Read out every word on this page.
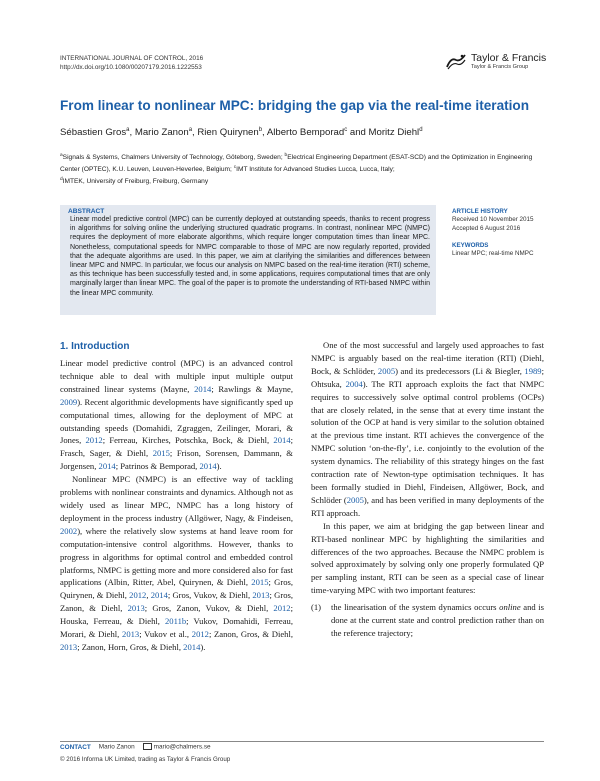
INTERNATIONAL JOURNAL OF CONTROL, 2016
http://dx.doi.org/10.1080/00207179.2016.1222553
Taylor & Francis
Taylor & Francis Group
From linear to nonlinear MPC: bridging the gap via the real-time iteration
Sébastien Gros$^a$, Mario Zanon$^a$, Rien Quirynen$^b$, Alberto Bemporad$^c$ and Moritz Diehl$^d$
$^a$Signals & Systems, Chalmers University of Technology, Göteborg, Sweden; $^b$Electrical Engineering Department (ESAT-SCD) and the Optimization in Engineering Center (OPTEC), K.U. Leuven, Leuven-Heverlee, Belgium; $^c$IMT Institute for Advanced Studies Lucca, Lucca, Italy;
$^d$IMTEK, University of Freiburg, Freiburg, Germany
ABSTRACT
Linear model predictive control (MPC) can be currently deployed at outstanding speeds, thanks to recent progress in algorithms for solving online the underlying structured quadratic programs. In contrast, nonlinear MPC (NMPC) requires the deployment of more elaborate algorithms, which require longer computation times than linear MPC. Nonetheless, computational speeds for NMPC comparable to those of MPC are now regularly reported, provided that the adequate algorithms are used. In this paper, we aim at clarifying the similarities and differences between linear MPC and NMPC. In particular, we focus our analysis on NMPC based on the real-time iteration (RTI) scheme, as this technique has been successfully tested and, in some applications, requires computational times that are only marginally larger than linear MPC. The goal of the paper is to promote the understanding of RTI-based NMPC within the linear MPC community.
ARTICLE HISTORY
Received 10 November 2015
Accepted 6 August 2016
KEYWORDS
Linear MPC; real-time NMPC
1. Introduction

Linear model predictive control (MPC) is an advanced control technique able to deal with multiple input multiple output constrained linear systems (Mayne, 2014; Rawlings & Mayne, 2009). Recent algorithmic developments have significantly sped up computational times, allowing for the deployment of MPC at outstanding speeds (Domahidi, Zgraggen, Zeilinger, Morari, & Jones, 2012; Ferreau, Kirches, Potschka, Bock, & Diehl, 2014; Frasch, Sager, & Diehl, 2015; Frison, Sorensen, Dammann, & Jorgensen, 2014; Patrinos & Bemporad, 2014).

Nonlinear MPC (NMPC) is an effective way of tackling problems with nonlinear constraints and dynamics. Although not as widely used as linear MPC, NMPC has a long history of deployment in the process industry (Allgöwer, Nagy, & Findeisen, 2002), where the relatively slow systems at hand leave room for computation-intensive control algorithms. However, thanks to progress in algorithms for optimal control and embedded control platforms, NMPC is getting more and more considered also for fast applications (Albin, Ritter, Abel, Quirynen, & Diehl, 2015; Gros, Quirynen, & Diehl, 2012, 2014; Gros, Vukov, & Diehl, 2013; Gros, Zanon, & Diehl, 2013; Gros, Zanon, Vukov, & Diehl, 2012; Houska, Ferreau, & Diehl, 2011b; Vukov, Domahidi, Ferreau, Morari, & Diehl, 2013; Vukov et al., 2012; Zanon, Gros, & Diehl, 2013; Zanon, Horn, Gros, & Diehl, 2014).

One of the most successful and largely used approaches to fast NMPC is arguably based on the real-time iteration (RTI) (Diehl, Bock, & Schlöder, 2005) and its predecessors (Li & Biegler, 1989; Ohtsuka, 2004). The RTI approach exploits the fact that NMPC requires to successively solve optimal control problems (OCPs) that are closely related, in the sense that at every time instant the solution of the OCP at hand is very similar to the solution obtained at the previous time instant. RTI achieves the convergence of the NMPC solution ‘on-the-fly’, i.e. conjointly to the evolution of the system dynamics. The reliability of this strategy hinges on the fast contraction rate of Newton-type optimisation techniques. It has been formally studied in Diehl, Findeisen, Allgöwer, Bock, and Schlöder (2005), and has been verified in many deployments of the RTI approach.

In this paper, we aim at bridging the gap between linear and RTI-based nonlinear MPC by highlighting the similarities and differences of the two approaches. Because the NMPC problem is solved approximately by solving only one properly formulated QP per sampling instant, RTI can be seen as a special case of linear time-varying MPC with two important features:

(1)	the linearisation of the system dynamics occurs online and is done at the current state and control prediction rather than on the reference trajectory;
CONTACT Mario Zanon	mario@chalmers.se
© 2016 Informa UK Limited, trading as Taylor & Francis Group
